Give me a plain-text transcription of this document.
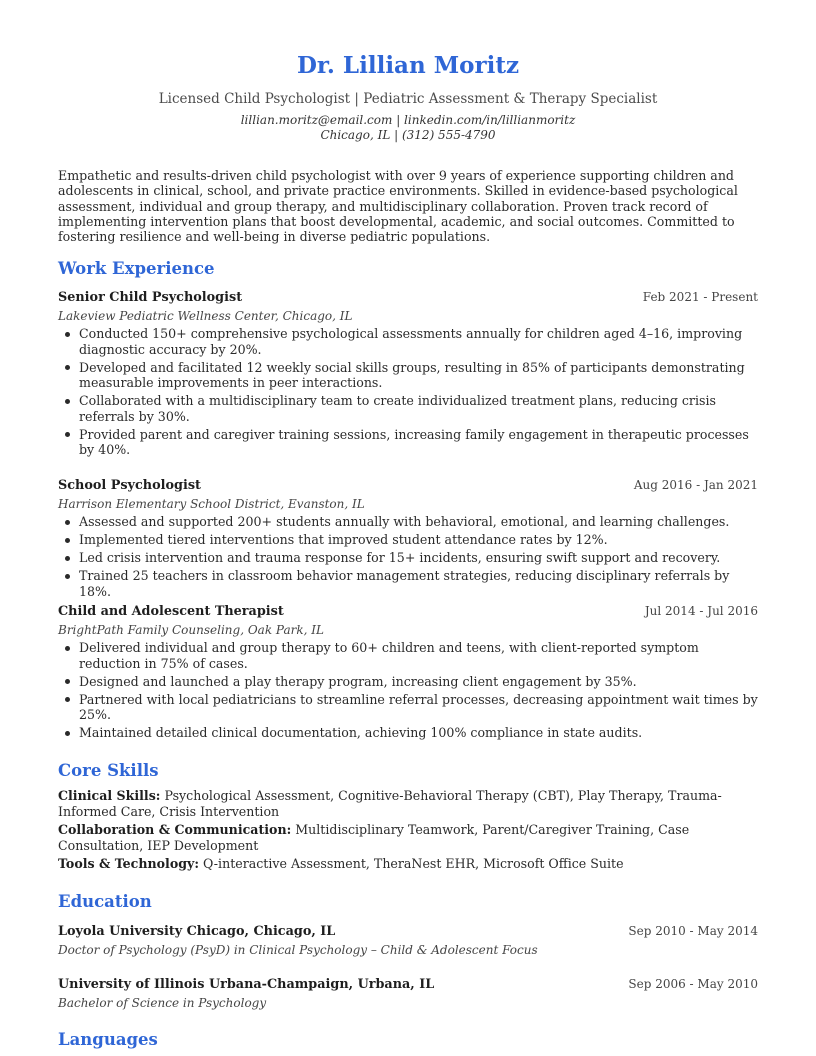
Dr. Lillian Moritz
Licensed Child Psychologist | Pediatric Assessment & Therapy Specialist
lillian.moritz@email.com | linkedin.com/in/lillianmoritz
Chicago, IL | (312) 555-4790
Empathetic and results-driven child psychologist with over 9 years of experience supporting children and adolescents in clinical, school, and private practice environments. Skilled in evidence-based psychological assessment, individual and group therapy, and multidisciplinary collaboration. Proven track record of implementing intervention plans that boost developmental, academic, and social outcomes. Committed to fostering resilience and well-being in diverse pediatric populations.
Work Experience
Senior Child Psychologist	Feb 2021 - Present
Lakeview Pediatric Wellness Center, Chicago, IL
Conducted 150+ comprehensive psychological assessments annually for children aged 4–16, improving diagnostic accuracy by 20%.
Developed and facilitated 12 weekly social skills groups, resulting in 85% of participants demonstrating measurable improvements in peer interactions.
Collaborated with a multidisciplinary team to create individualized treatment plans, reducing crisis referrals by 30%.
Provided parent and caregiver training sessions, increasing family engagement in therapeutic processes by 40%.
School Psychologist	Aug 2016 - Jan 2021
Harrison Elementary School District, Evanston, IL
Assessed and supported 200+ students annually with behavioral, emotional, and learning challenges.
Implemented tiered interventions that improved student attendance rates by 12%.
Led crisis intervention and trauma response for 15+ incidents, ensuring swift support and recovery.
Trained 25 teachers in classroom behavior management strategies, reducing disciplinary referrals by 18%.
Child and Adolescent Therapist	Jul 2014 - Jul 2016
BrightPath Family Counseling, Oak Park, IL
Delivered individual and group therapy to 60+ children and teens, with client-reported symptom reduction in 75% of cases.
Designed and launched a play therapy program, increasing client engagement by 35%.
Partnered with local pediatricians to streamline referral processes, decreasing appointment wait times by 25%.
Maintained detailed clinical documentation, achieving 100% compliance in state audits.
Core Skills
Clinical Skills: Psychological Assessment, Cognitive-Behavioral Therapy (CBT), Play Therapy, Trauma-Informed Care, Crisis Intervention
Collaboration & Communication: Multidisciplinary Teamwork, Parent/Caregiver Training, Case Consultation, IEP Development
Tools & Technology: Q-interactive Assessment, TheraNest EHR, Microsoft Office Suite
Education
Loyola University Chicago, Chicago, IL	Sep 2010 - May 2014
Doctor of Psychology (PsyD) in Clinical Psychology – Child & Adolescent Focus
University of Illinois Urbana-Champaign, Urbana, IL	Sep 2006 - May 2010
Bachelor of Science in Psychology
Languages
